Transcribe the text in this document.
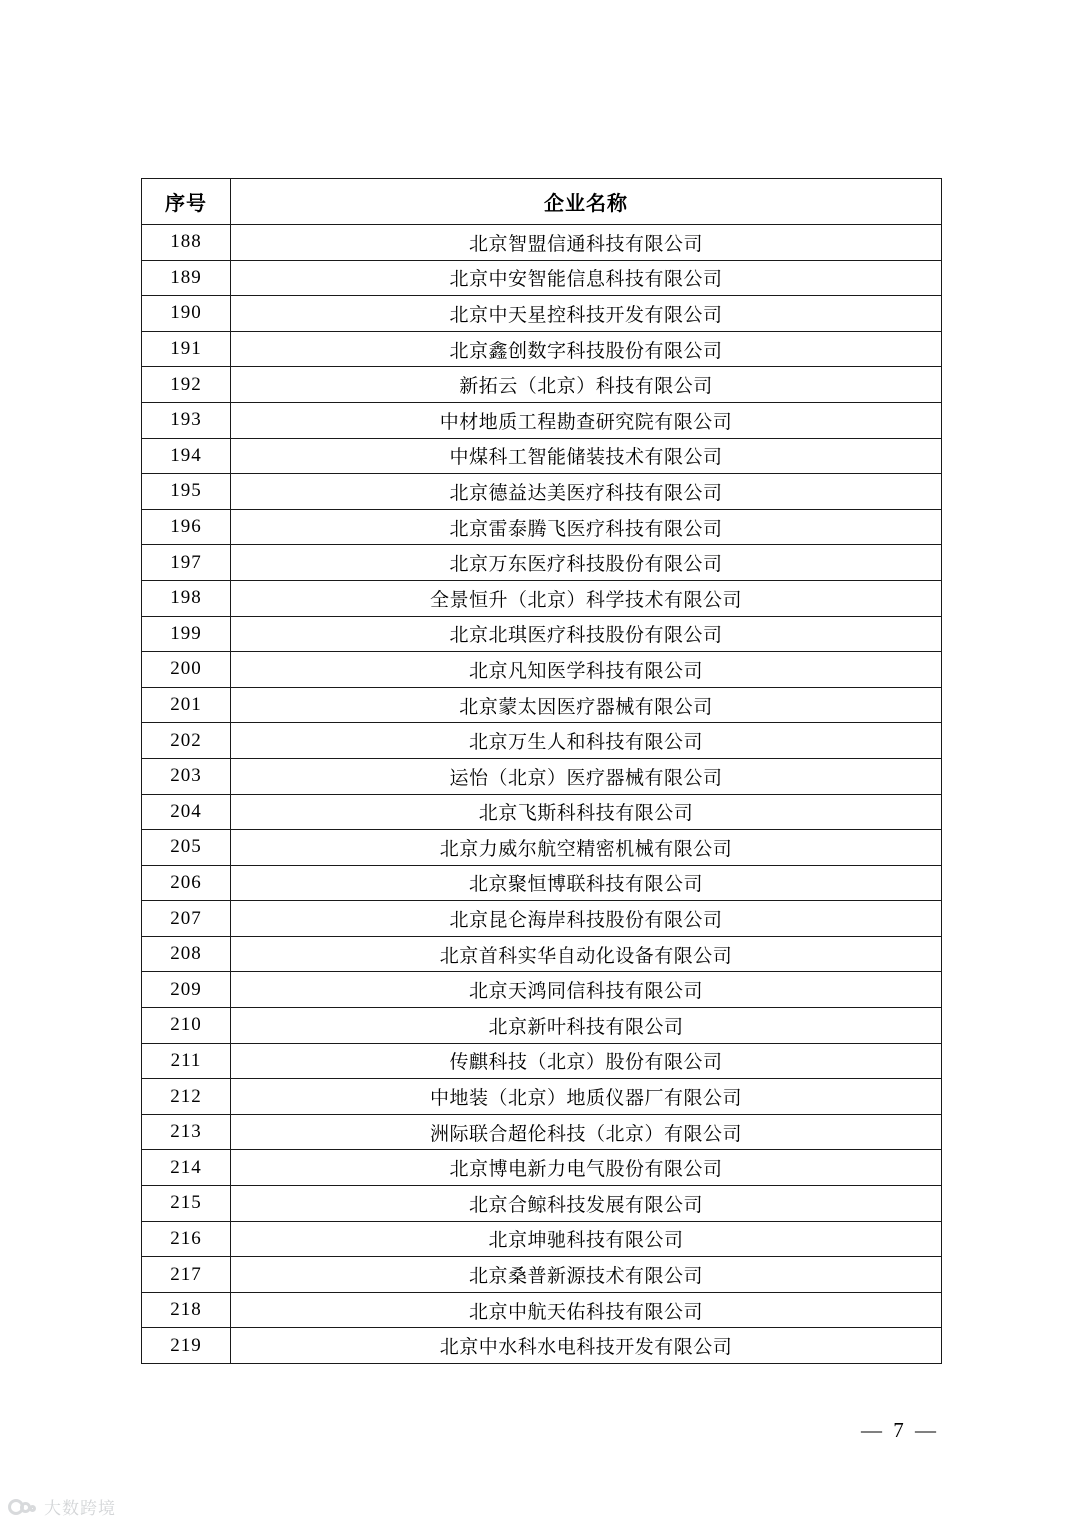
序号	企业名称
188	北京智盟信通科技有限公司
189	北京中安智能信息科技有限公司
190	北京中天星控科技开发有限公司
191	北京鑫创数字科技股份有限公司
192	新拓云（北京）科技有限公司
193	中材地质工程勘查研究院有限公司
194	中煤科工智能储装技术有限公司
195	北京德益达美医疗科技有限公司
196	北京雷泰腾飞医疗科技有限公司
197	北京万东医疗科技股份有限公司
198	全景恒升（北京）科学技术有限公司
199	北京北琪医疗科技股份有限公司
200	北京凡知医学科技有限公司
201	北京蒙太因医疗器械有限公司
202	北京万生人和科技有限公司
203	运怡（北京）医疗器械有限公司
204	北京飞斯科科技有限公司
205	北京力威尔航空精密机械有限公司
206	北京聚恒博联科技有限公司
207	北京昆仑海岸科技股份有限公司
208	北京首科实华自动化设备有限公司
209	北京天鸿同信科技有限公司
210	北京新叶科技有限公司
211	传麒科技（北京）股份有限公司
212	中地装（北京）地质仪器厂有限公司
213	洲际联合超伦科技（北京）有限公司
214	北京博电新力电气股份有限公司
215	北京合鲸科技发展有限公司
216	北京坤驰科技有限公司
217	北京桑普新源技术有限公司
218	北京中航天佑科技有限公司
219	北京中水科水电科技开发有限公司
— 7 —
大数跨境
